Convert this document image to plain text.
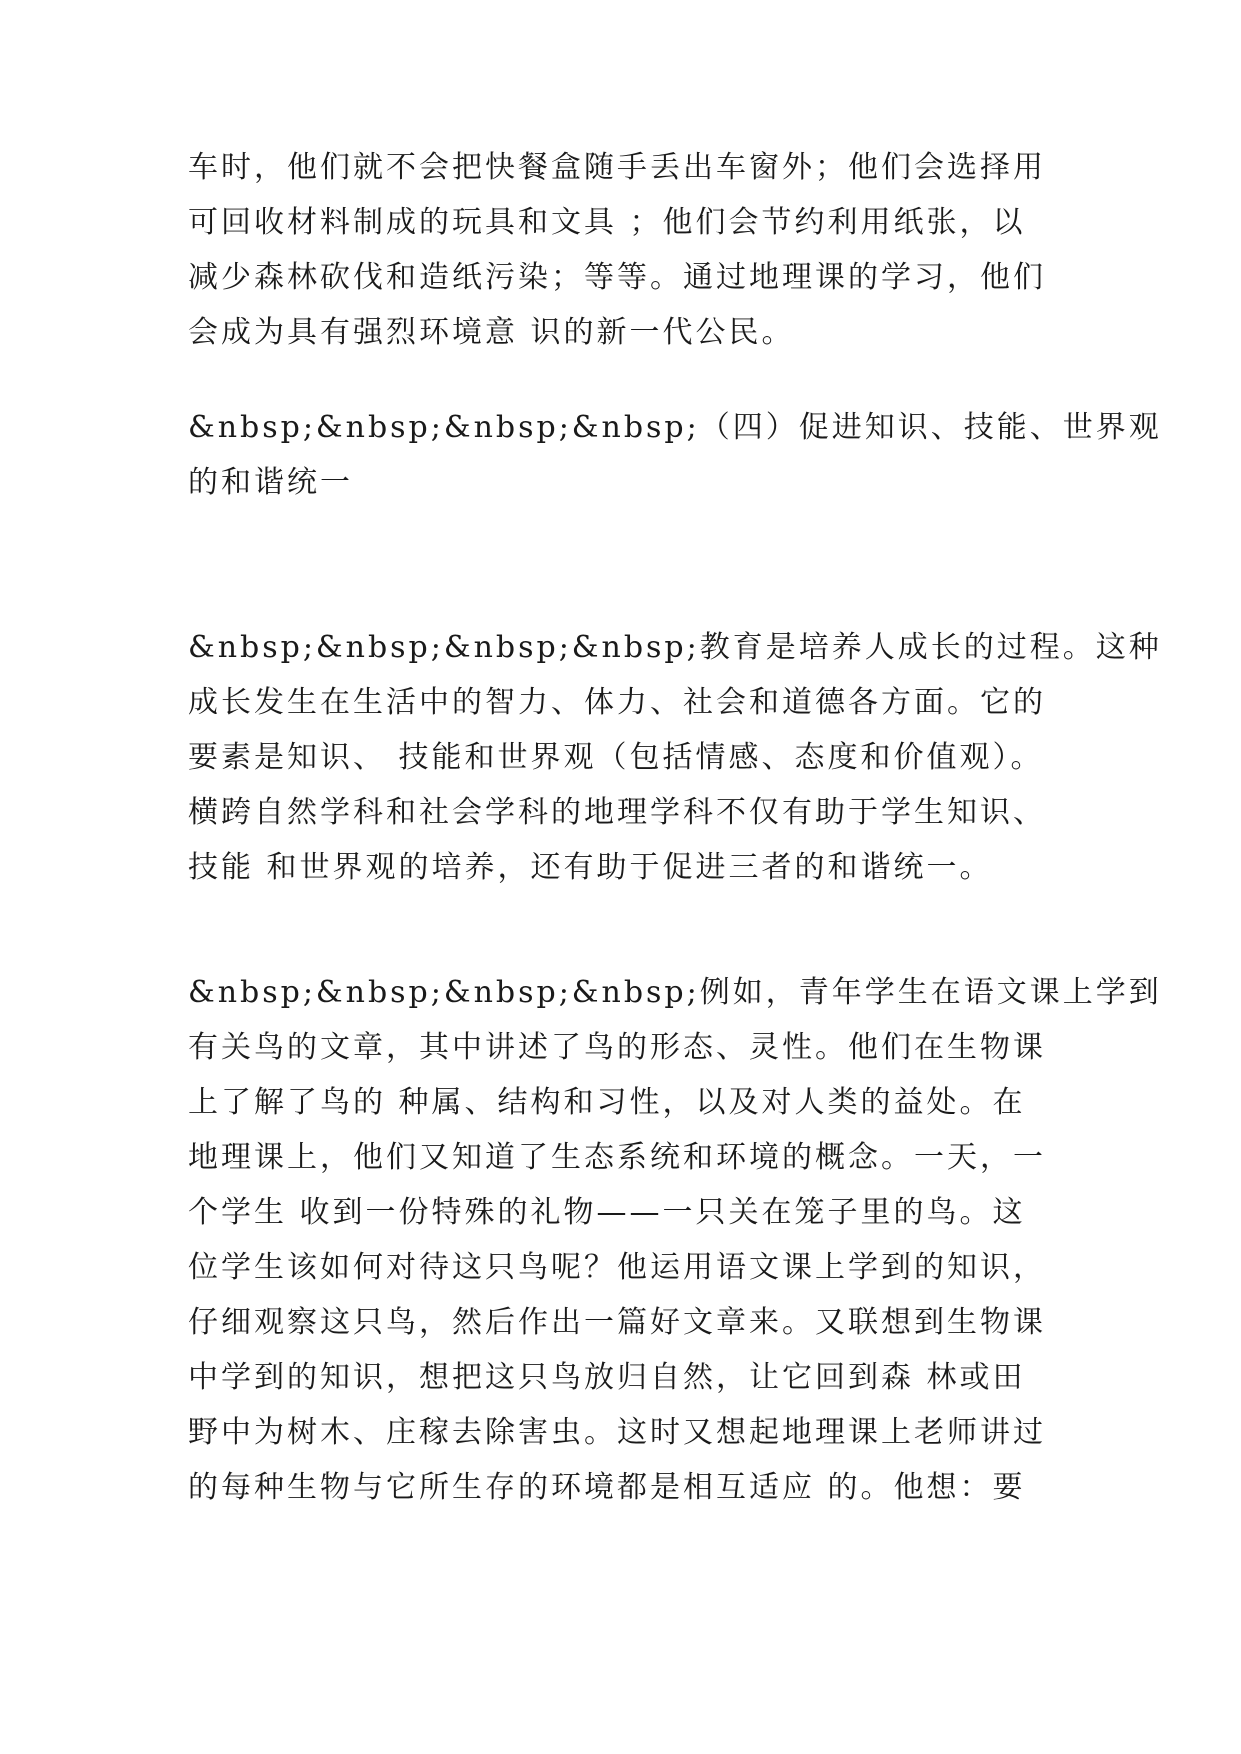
车时，他们就不会把快餐盒随手丢出车窗外；他们会选择用
可回收材料制成的玩具和文具 ；他们会节约利用纸张，以
减少森林砍伐和造纸污染；等等。通过地理课的学习，他们
会成为具有强烈环境意 识的新一代公民。
&nbsp;&nbsp;&nbsp;&nbsp;（四）促进知识、技能、世界观
的和谐统一
&nbsp;&nbsp;&nbsp;&nbsp;教育是培养人成长的过程。这种
成长发生在生活中的智力、体力、社会和道德各方面。它的
要素是知识、 技能和世界观（包括情感、态度和价值观）。
横跨自然学科和社会学科的地理学科不仅有助于学生知识、
技能 和世界观的培养，还有助于促进三者的和谐统一。
&nbsp;&nbsp;&nbsp;&nbsp;例如，青年学生在语文课上学到
有关鸟的文章，其中讲述了鸟的形态、灵性。他们在生物课
上了解了鸟的 种属、结构和习性，以及对人类的益处。在
地理课上，他们又知道了生态系统和环境的概念。一天，一
个学生 收到一份特殊的礼物——一只关在笼子里的鸟。这
位学生该如何对待这只鸟呢？他运用语文课上学到的知识，
仔细观察这只鸟，然后作出一篇好文章来。又联想到生物课
中学到的知识，想把这只鸟放归自然，让它回到森 林或田
野中为树木、庄稼去除害虫。这时又想起地理课上老师讲过
的每种生物与它所生存的环境都是相互适应 的。他想：要
